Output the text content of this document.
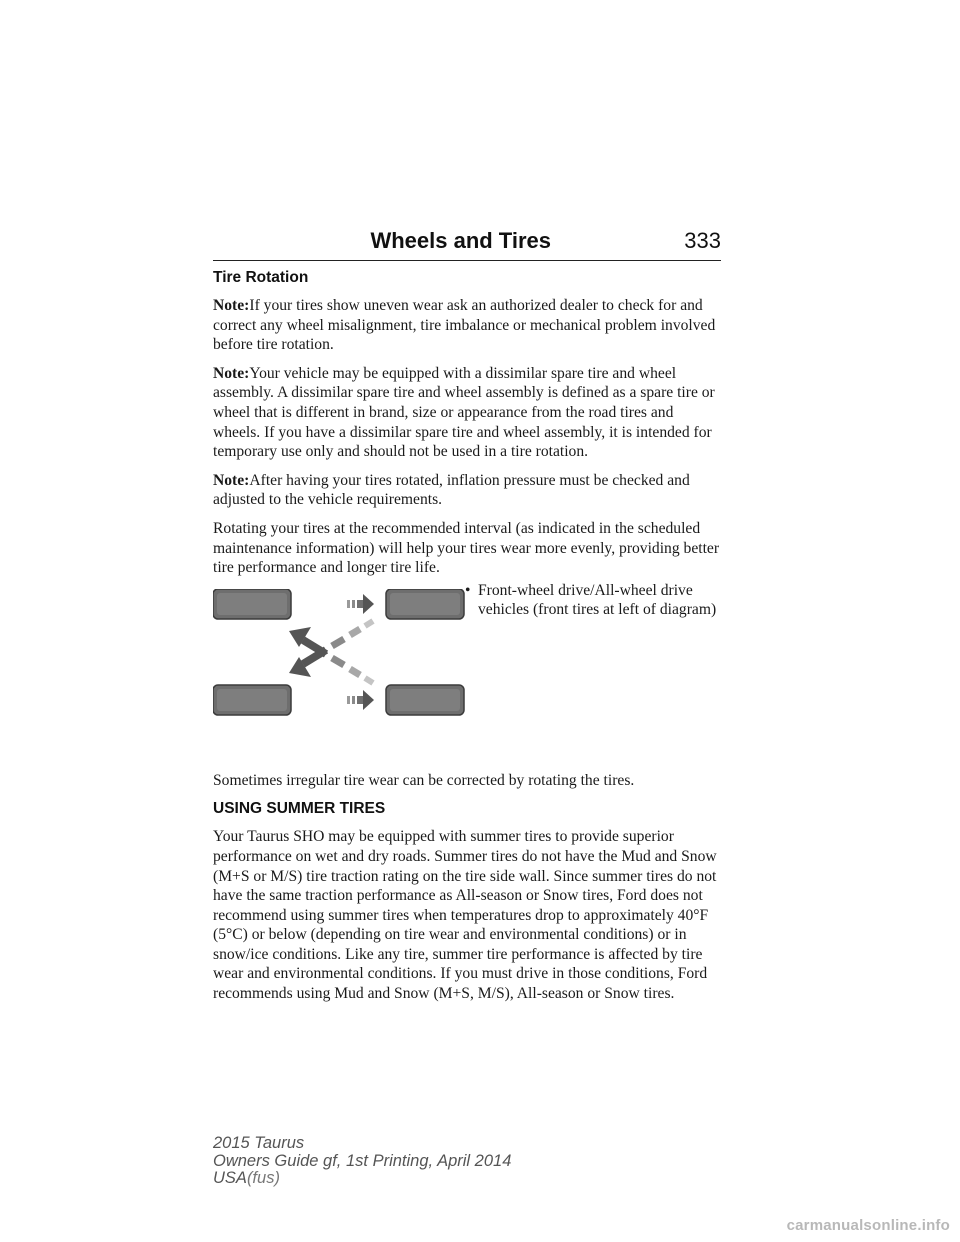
Wheels and Tires	333
Tire Rotation

Note:If your tires show uneven wear ask an authorized dealer to check for and correct any wheel misalignment, tire imbalance or mechanical problem involved before tire rotation.

Note:Your vehicle may be equipped with a dissimilar spare tire and wheel assembly. A dissimilar spare tire and wheel assembly is defined as a spare tire or wheel that is different in brand, size or appearance from the road tires and wheels. If you have a dissimilar spare tire and wheel assembly, it is intended for temporary use only and should not be used in a tire rotation.

Note:After having your tires rotated, inflation pressure must be checked and adjusted to the vehicle requirements.

Rotating your tires at the recommended interval (as indicated in the scheduled maintenance information) will help your tires wear more evenly, providing better tire performance and longer tire life.

• Front-wheel drive/All-wheel drive vehicles (front tires at left of diagram)

Sometimes irregular tire wear can be corrected by rotating the tires.

USING SUMMER TIRES

Your Taurus SHO may be equipped with summer tires to provide superior performance on wet and dry roads. Summer tires do not have the Mud and Snow (M+S or M/S) tire traction rating on the tire side wall. Since summer tires do not have the same traction performance as All-season or Snow tires, Ford does not recommend using summer tires when temperatures drop to approximately 40°F (5°C) or below (depending on tire wear and environmental conditions) or in snow/ice conditions. Like any tire, summer tire performance is affected by tire wear and environmental conditions. If you must drive in those conditions, Ford recommends using Mud and Snow (M+S, M/S), All-season or Snow tires.

2015 Taurus
Owners Guide gf, 1st Printing, April 2014
USA(fus)
carmanualsonline.info
